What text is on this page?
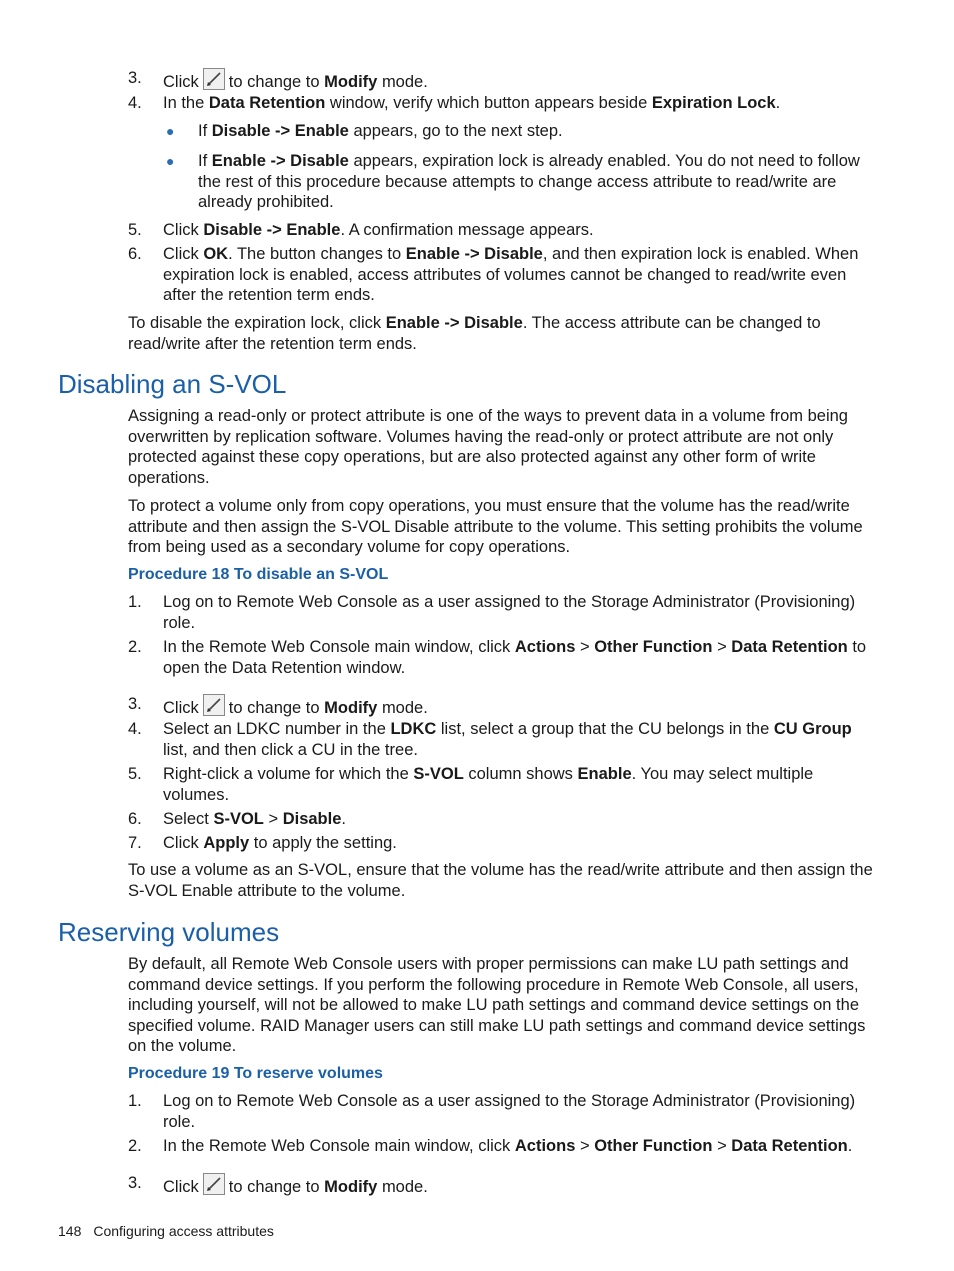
3.	Click to change to Modify mode.
4.	In the Data Retention window, verify which button appears beside Expiration Lock.
● If Disable -> Enable appears, go to the next step.
● If Enable -> Disable appears, expiration lock is already enabled. You do not need to follow the rest of this procedure because attempts to change access attribute to read/write are already prohibited.
5.	Click Disable -> Enable. A confirmation message appears.
6.	Click OK. The button changes to Enable -> Disable, and then expiration lock is enabled. When expiration lock is enabled, access attributes of volumes cannot be changed to read/write even after the retention term ends.

To disable the expiration lock, click Enable -> Disable. The access attribute can be changed to read/write after the retention term ends.

Disabling an S-VOL

Assigning a read-only or protect attribute is one of the ways to prevent data in a volume from being overwritten by replication software. Volumes having the read-only or protect attribute are not only protected against these copy operations, but are also protected against any other form of write operations.

To protect a volume only from copy operations, you must ensure that the volume has the read/write attribute and then assign the S-VOL Disable attribute to the volume. This setting prohibits the volume from being used as a secondary volume for copy operations.

Procedure 18 To disable an S-VOL

1.	Log on to Remote Web Console as a user assigned to the Storage Administrator (Provisioning) role.
2.	In the Remote Web Console main window, click Actions > Other Function > Data Retention to open the Data Retention window.
3.	Click to change to Modify mode.
4.	Select an LDKC number in the LDKC list, select a group that the CU belongs in the CU Group list, and then click a CU in the tree.
5.	Right-click a volume for which the S-VOL column shows Enable. You may select multiple volumes.
6.	Select S-VOL > Disable.
7.	Click Apply to apply the setting.

To use a volume as an S-VOL, ensure that the volume has the read/write attribute and then assign the S-VOL Enable attribute to the volume.

Reserving volumes

By default, all Remote Web Console users with proper permissions can make LU path settings and command device settings. If you perform the following procedure in Remote Web Console, all users, including yourself, will not be allowed to make LU path settings and command device settings on the specified volume. RAID Manager users can still make LU path settings and command device settings on the volume.

Procedure 19 To reserve volumes

1.	Log on to Remote Web Console as a user assigned to the Storage Administrator (Provisioning) role.
2.	In the Remote Web Console main window, click Actions > Other Function > Data Retention.
3.	Click to change to Modify mode.
148 Configuring access attributes
